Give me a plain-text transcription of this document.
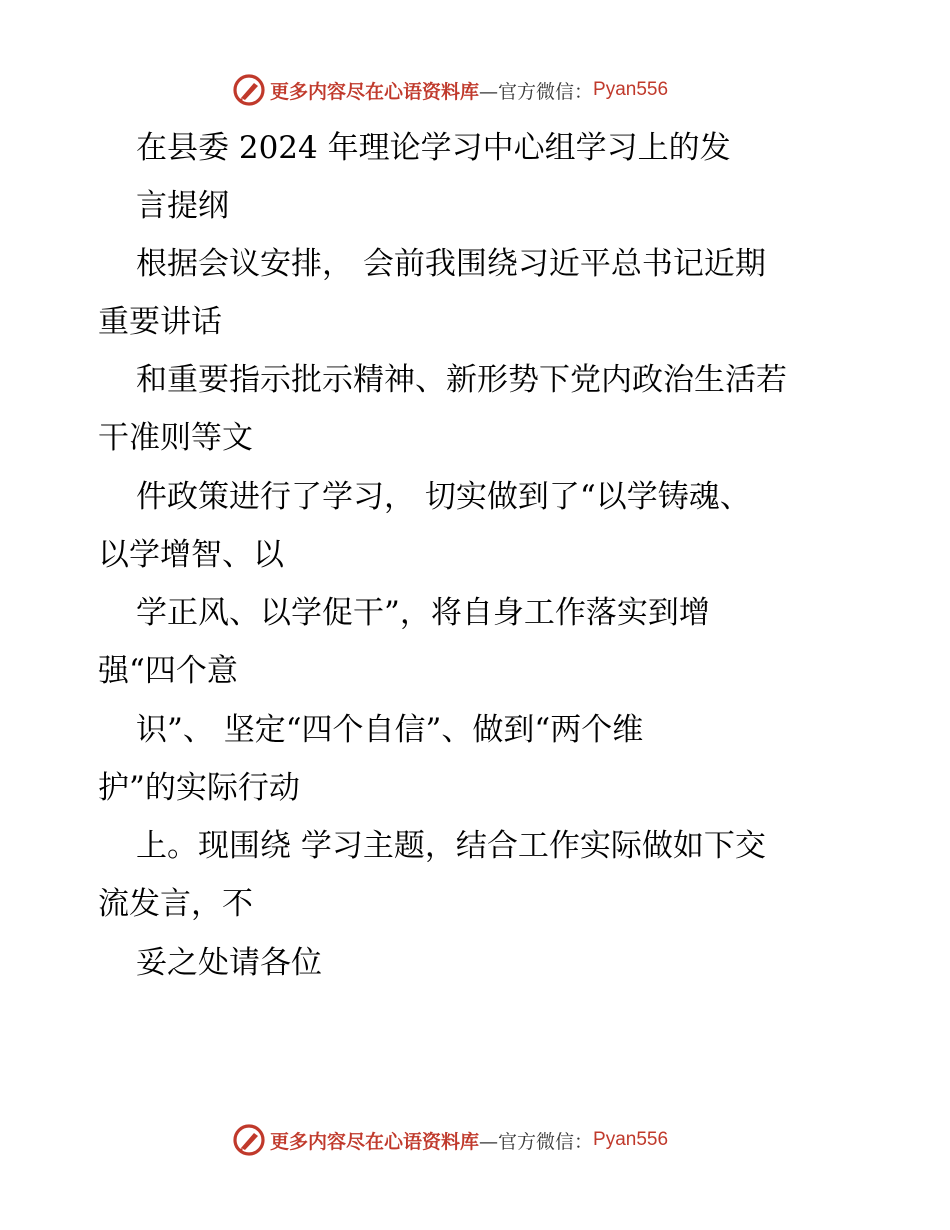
更多内容尽在心语资料库 —官方微信： Pyan556
在县委 2024 年理论学习中心组学习上的发
言提纲
根据会议安排， 会前我围绕习近平总书记近期
重要讲话
和重要指示批示精神、新形势下党内政治生活若
干准则等文
件政策进行了学习， 切实做到了“以学铸魂、
以学增智、以
学正风、以学促干”，将自身工作落实到增
强“四个意
识”、 坚定“四个自信”、做到“两个维
护”的实际行动
上。现围绕 学习主题，结合工作实际做如下交
流发言，不
妥之处请各位
更多内容尽在心语资料库 —官方微信： Pyan556
